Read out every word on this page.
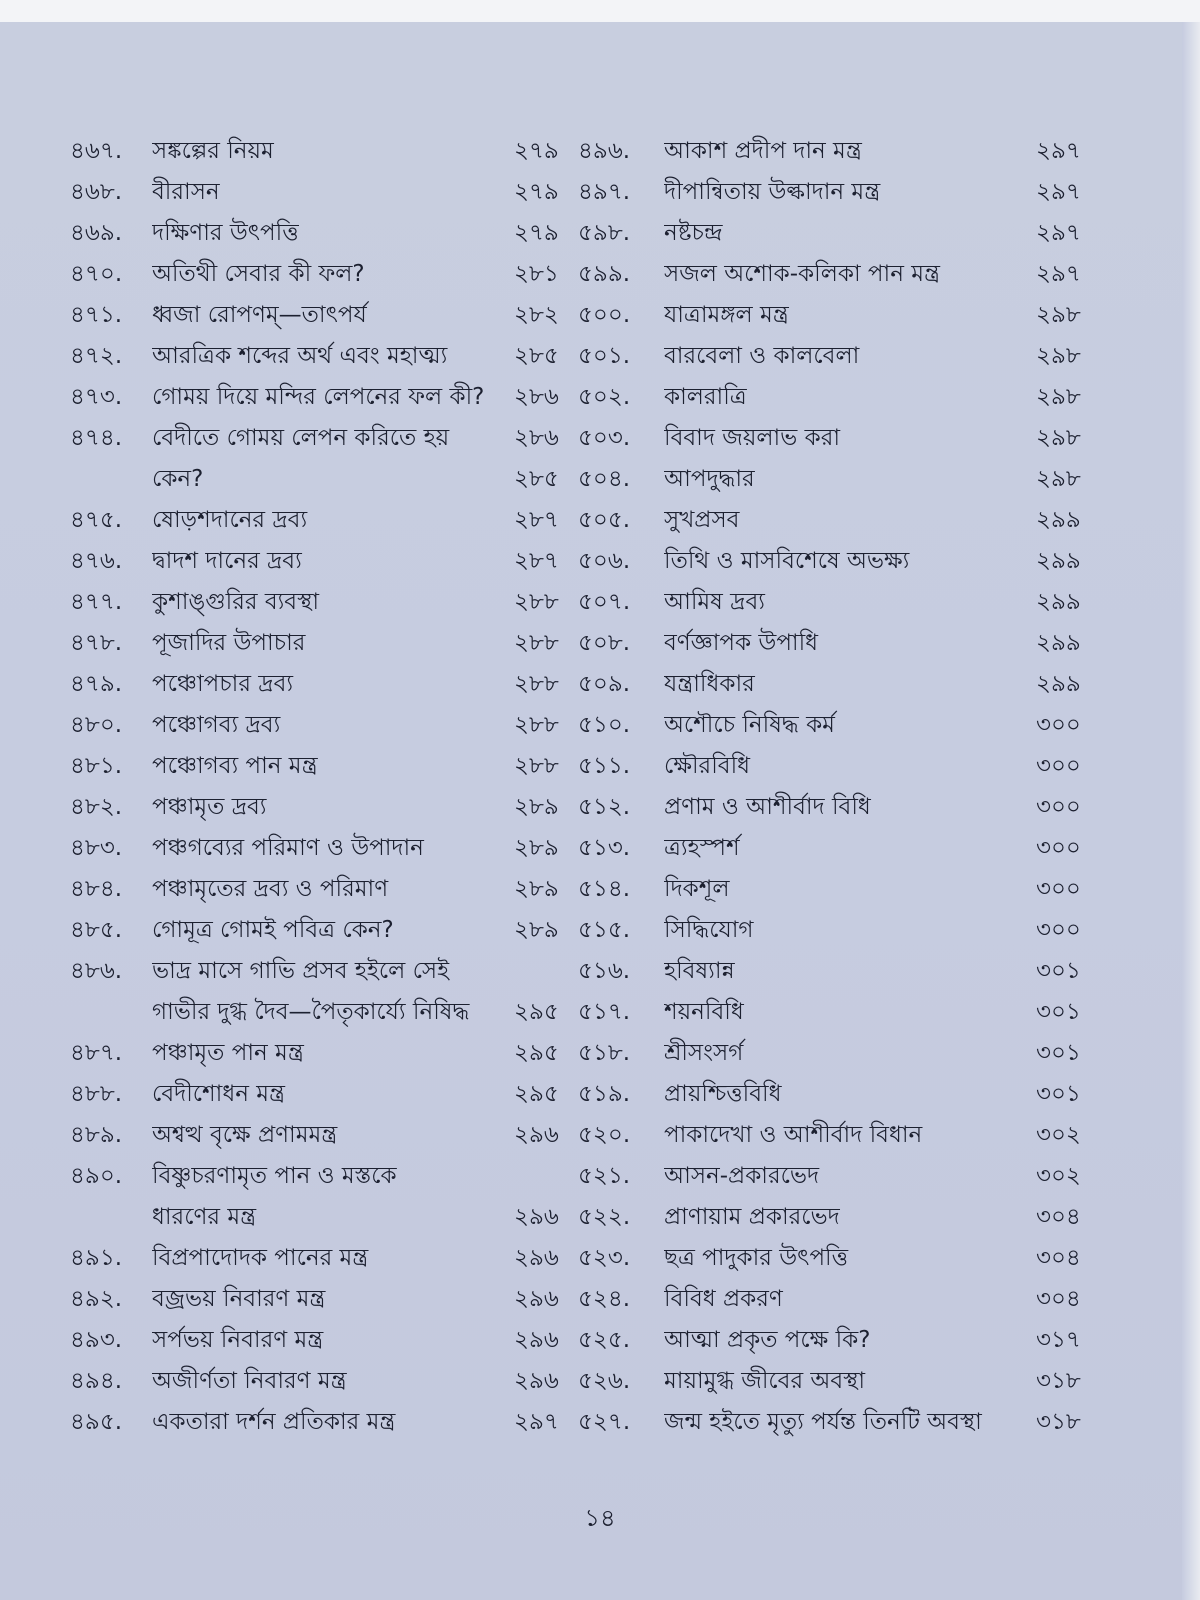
৪৬৭.	সঙ্কল্পের নিয়ম	২৭৯ ৪৯৬.	আকাশ প্রদীপ দান মন্ত্র	২৯৭
৪৬৮.	বীরাসন	২৭৯ ৪৯৭.	দীপান্বিতায় উল্কাদান মন্ত্র	২৯৭
৪৬৯.	দক্ষিণার উৎপত্তি	২৭৯ ৫৯৮.	নষ্টচন্দ্র	২৯৭
৪৭০.	অতিথী সেবার কী ফল?	২৮১ ৫৯৯.	সজল অশোক-কলিকা পান মন্ত্র	২৯৭
৪৭১.	ধ্বজা রোপণম্—তাৎপর্য	২৮২ ৫০০.	যাত্রামঙ্গল মন্ত্র	২৯৮
৪৭২.	আরত্রিক শব্দের অর্থ এবং মহাত্ম্য	২৮৫ ৫০১.	বারবেলা ও কালবেলা	২৯৮
৪৭৩.	গোময় দিয়ে মন্দির লেপনের ফল কী?	২৮৬ ৫০২.	কালরাত্রি	২৯৮
৪৭৪.	বেদীতে গোময় লেপন করিতে হয়	২৮৬ ৫০৩.	বিবাদ জয়লাভ করা	২৯৮
কেন?	২৮৫ ৫০৪.	আপদুদ্ধার	২৯৮
৪৭৫.	ষোড়শদানের দ্রব্য	২৮৭ ৫০৫.	সুখপ্রসব	২৯৯
৪৭৬.	দ্বাদশ দানের দ্রব্য	২৮৭ ৫০৬.	তিথি ও মাসবিশেষে অভক্ষ্য	২৯৯
৪৭৭.	কুশাঙ্গুরির ব্যবস্থা	২৮৮ ৫০৭.	আমিষ দ্রব্য	২৯৯
৪৭৮.	পূজাদির উপাচার	২৮৮ ৫০৮.	বর্ণজ্ঞাপক উপাধি	২৯৯
৪৭৯.	পঞ্চোপচার দ্রব্য	২৮৮ ৫০৯.	যন্ত্রাধিকার	২৯৯
৪৮০.	পঞ্চোগব্য দ্রব্য	২৮৮ ৫১০.	অশৌচে নিষিদ্ধ কর্ম	৩০০
৪৮১.	পঞ্চোগব্য পান মন্ত্র	২৮৮ ৫১১.	ক্ষৌরবিধি	৩০০
৪৮২.	পঞ্চামৃত দ্রব্য	২৮৯ ৫১২.	প্রণাম ও আশীর্বাদ বিধি	৩০০
৪৮৩.	পঞ্চগব্যের পরিমাণ ও উপাদান	২৮৯ ৫১৩.	ত্র্যহস্পর্শ	৩০০
৪৮৪.	পঞ্চামৃতের দ্রব্য ও পরিমাণ	২৮৯ ৫১৪.	দিকশূল	৩০০
৪৮৫.	গোমূত্র গোমই পবিত্র কেন?	২৮৯ ৫১৫.	সিদ্ধিযোগ	৩০০
৪৮৬.	ভাদ্র মাসে গাভি প্রসব হইলে সেই	৫১৬.	হবিষ্যান্ন	৩০১
গাভীর দুগ্ধ দৈব—পৈতৃকার্য্যে নিষিদ্ধ	২৯৫ ৫১৭.	শয়নবিধি	৩০১
৪৮৭.	পঞ্চামৃত পান মন্ত্র	২৯৫ ৫১৮.	শ্রীসংসর্গ	৩০১
৪৮৮.	বেদীশোধন মন্ত্র	২৯৫ ৫১৯.	প্রায়শ্চিত্তবিধি	৩০১
৪৮৯.	অশ্বত্থ বৃক্ষে প্রণামমন্ত্র	২৯৬ ৫২০.	পাকাদেখা ও আশীর্বাদ বিধান	৩০২
৪৯০.	বিষ্ণুচরণামৃত পান ও মস্তকে	৫২১.	আসন-প্রকারভেদ	৩০২
ধারণের মন্ত্র	২৯৬ ৫২২.	প্রাণায়াম প্রকারভেদ	৩০৪
৪৯১.	বিপ্রপাদোদক পানের মন্ত্র	২৯৬ ৫২৩.	ছত্র পাদুকার উৎপত্তি	৩০৪
৪৯২.	বজ্রভয় নিবারণ মন্ত্র	২৯৬ ৫২৪.	বিবিধ প্রকরণ	৩০৪
৪৯৩.	সর্পভয় নিবারণ মন্ত্র	২৯৬ ৫২৫.	আত্মা প্রকৃত পক্ষে কি?	৩১৭
৪৯৪.	অজীর্ণতা নিবারণ মন্ত্র	২৯৬ ৫২৬.	মায়ামুগ্ধ জীবের অবস্থা	৩১৮
৪৯৫.	একতারা দর্শন প্রতিকার মন্ত্র	২৯৭ ৫২৭.	জন্ম হইতে মৃত্যু পর্যন্ত তিনটি অবস্থা	৩১৮
১৪
